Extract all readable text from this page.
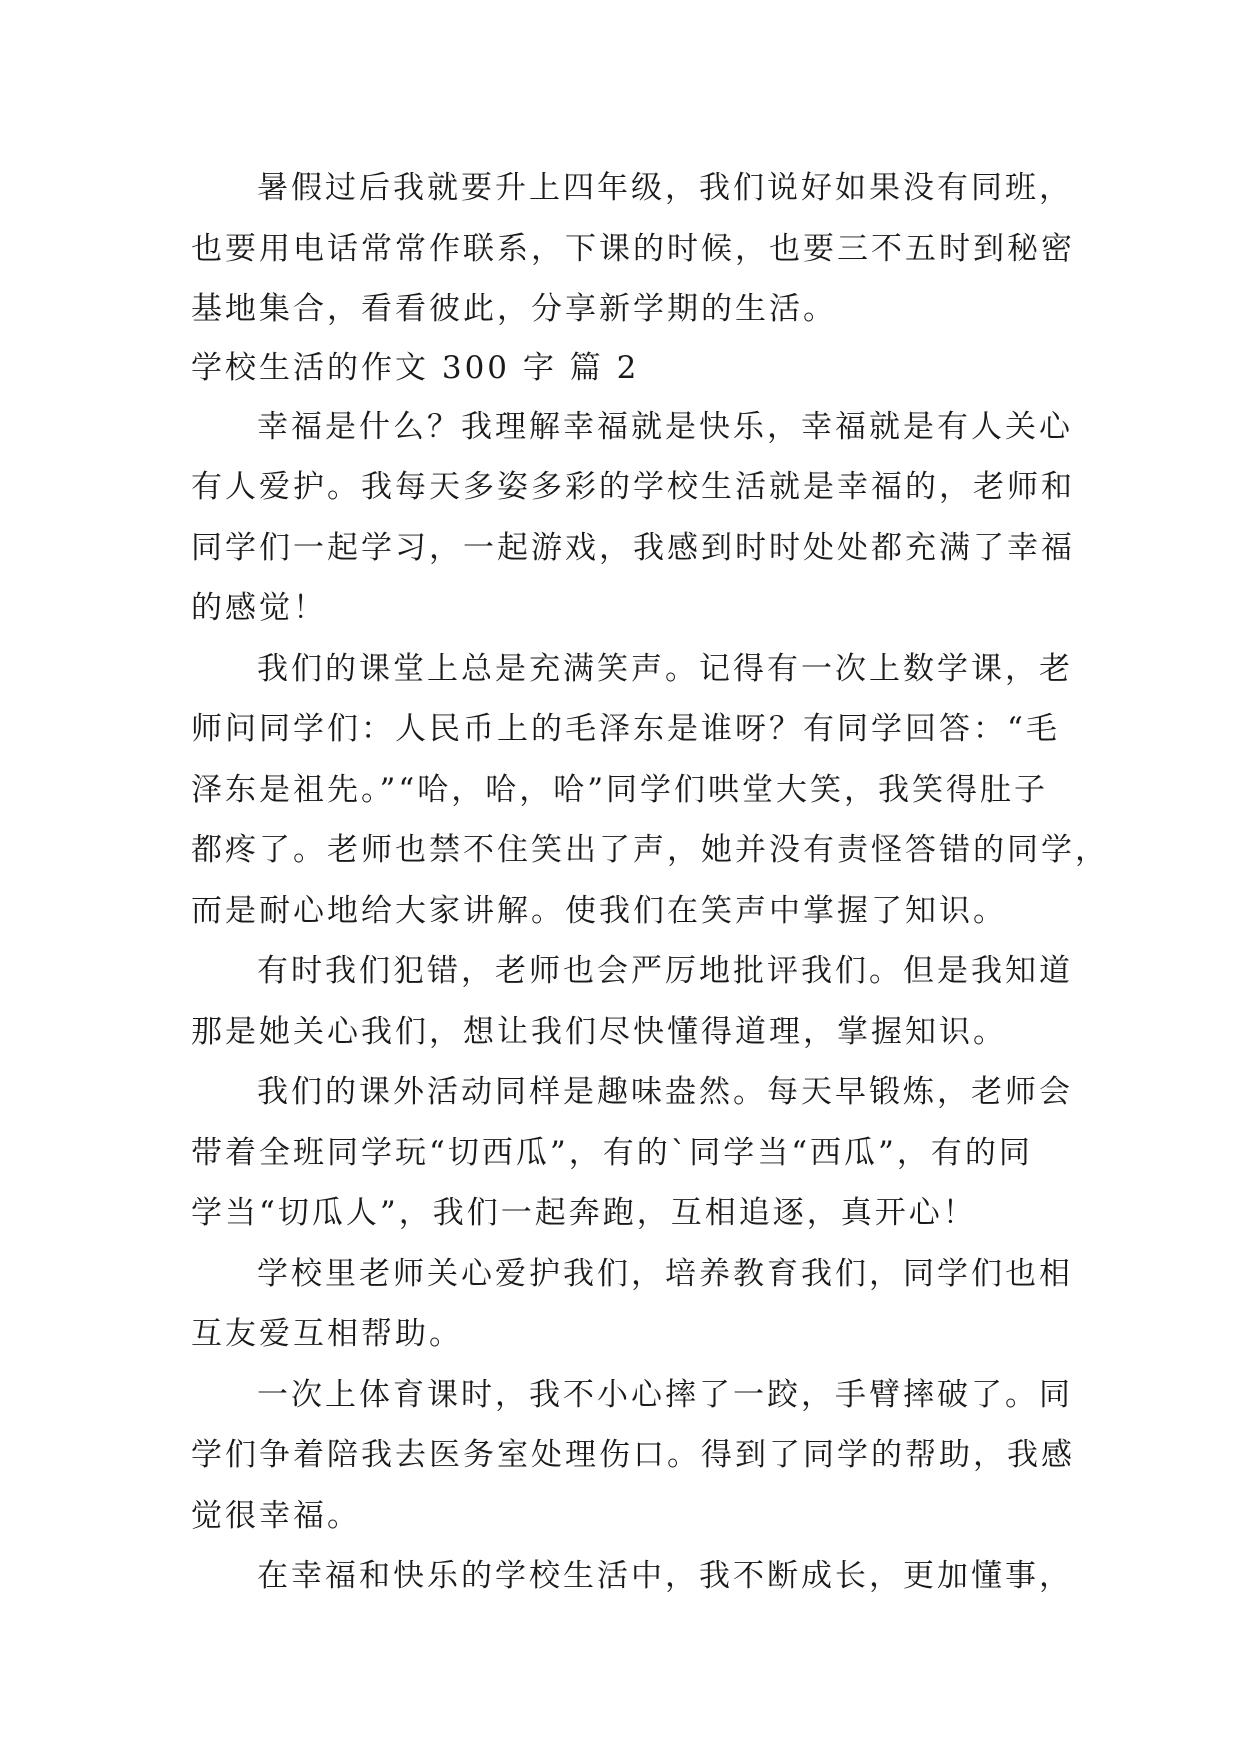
暑假过后我就要升上四年级，我们说好如果没有同班，
也要用电话常常作联系，下课的时候，也要三不五时到秘密
基地集合，看看彼此，分享新学期的生活。
学校生活的作文 300 字 篇 2
幸福是什么？我理解幸福就是快乐，幸福就是有人关心
有人爱护。我每天多姿多彩的学校生活就是幸福的，老师和
同学们一起学习，一起游戏，我感到时时处处都充满了幸福
的感觉！
我们的课堂上总是充满笑声。记得有一次上数学课，老
师问同学们：人民币上的毛泽东是谁呀？有同学回答：“毛
泽东是祖先。”“哈，哈，哈”同学们哄堂大笑，我笑得肚子
都疼了。老师也禁不住笑出了声，她并没有责怪答错的同学，
而是耐心地给大家讲解。使我们在笑声中掌握了知识。
有时我们犯错，老师也会严厉地批评我们。但是我知道
那是她关心我们，想让我们尽快懂得道理，掌握知识。
我们的课外活动同样是趣味盎然。每天早锻炼，老师会
带着全班同学玩“切西瓜”，有的`同学当“西瓜”，有的同
学当“切瓜人”，我们一起奔跑，互相追逐，真开心！
学校里老师关心爱护我们，培养教育我们，同学们也相
互友爱互相帮助。
一次上体育课时，我不小心摔了一跤，手臂摔破了。同
学们争着陪我去医务室处理伤口。得到了同学的帮助，我感
觉很幸福。
在幸福和快乐的学校生活中，我不断成长，更加懂事，
